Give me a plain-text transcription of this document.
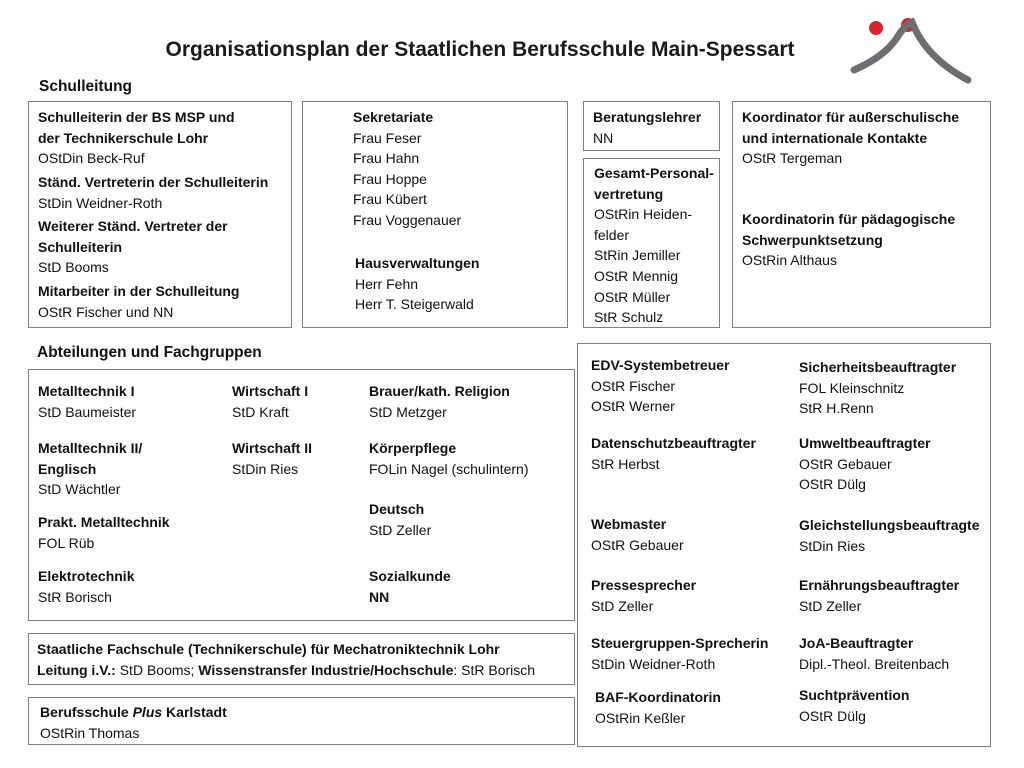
Organisationsplan der Staatlichen Berufsschule Main-Spessart
Schulleitung
Abteilungen und Fachgruppen
Schulleiterin der BS MSP und
der Technikerschule Lohr
OStDin Beck-Ruf
Ständ. Vertreterin der Schulleiterin
StDin Weidner-Roth
Weiterer Ständ. Vertreter der
Schulleiterin
StD Booms
Mitarbeiter in der Schulleitung
OStR Fischer und NN
Sekretariate
Frau Feser
Frau Hahn
Frau Hoppe
Frau Kübert
Frau Voggenauer
Hausverwaltungen
Herr Fehn
Herr T. Steigerwald
Beratungslehrer
NN
Gesamt-Personal-
vertretung
OStRin Heiden-
felder
StRin Jemiller
OStR Mennig
OStR Müller
StR Schulz
Koordinator für außerschulische
und internationale Kontakte
OStR Tergeman
Koordinatorin für pädagogische
Schwerpunktsetzung
OStRin Althaus
Metalltechnik I
StD Baumeister
Metalltechnik II/
Englisch
StD Wächtler
Prakt. Metalltechnik
FOL Rüb
Elektrotechnik
StR Borisch
Wirtschaft I
StD Kraft
Wirtschaft II
StDin Ries
Brauer/kath. Religion
StD Metzger
Körperpflege
FOLin Nagel (schulintern)
Deutsch
StD Zeller
Sozialkunde
NN
Staatliche Fachschule (Technikerschule) für Mechatroniktechnik Lohr
Leitung i.V.: StD Booms; Wissenstransfer Industrie/Hochschule: StR Borisch
Berufsschule Plus Karlstadt
OStRin Thomas
EDV-Systembetreuer
OStR Fischer
OStR Werner
Datenschutzbeauftragter
StR Herbst
Webmaster
OStR Gebauer
Pressesprecher
StD Zeller
Steuergruppen-Sprecherin
StDin Weidner-Roth
BAF-Koordinatorin
OStRin Keßler
Sicherheitsbeauftragter
FOL Kleinschnitz
StR H.Renn
Umweltbeauftragter
OStR Gebauer
OStR Dülg
Gleichstellungsbeauftragte
StDin Ries
Ernährungsbeauftragter
StD Zeller
JoA-Beauftragter
Dipl.-Theol. Breitenbach
Suchtprävention
OStR Dülg
